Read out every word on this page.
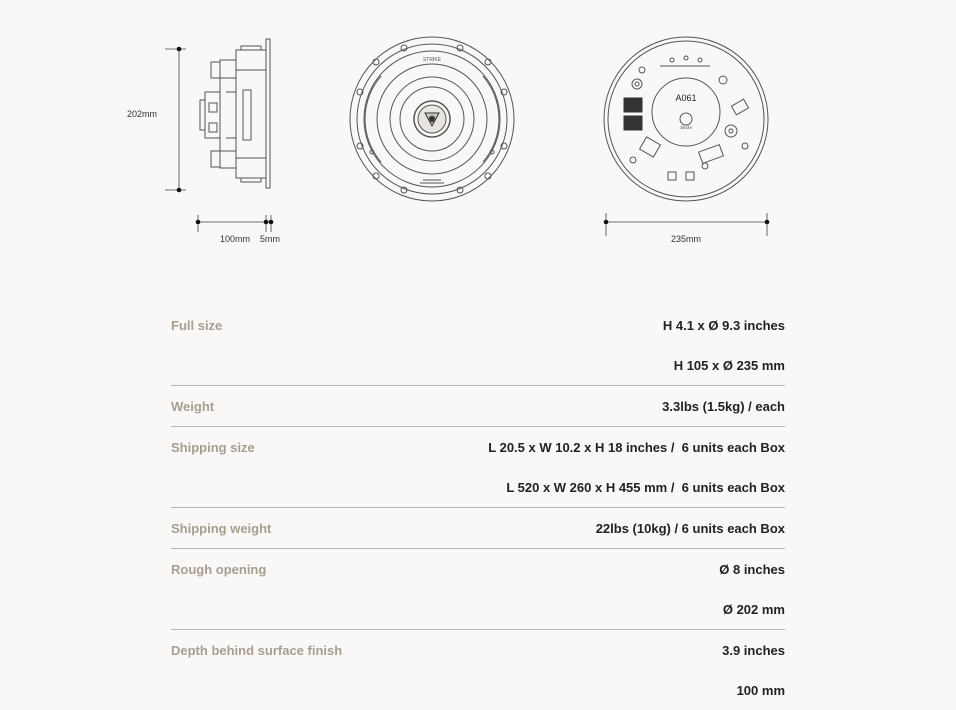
202mm
100mm 5mm
STRIKE
A061
Strike
235mm
Full size	H 4.1 x Ø 9.3 inches
H 105 x Ø 235 mm
Weight	3.3lbs (1.5kg) / each
Shipping size	L 20.5 x W 10.2 x H 18 inches /  6 units each Box
L 520 x W 260 x H 455 mm /  6 units each Box
Shipping weight	22lbs (10kg) / 6 units each Box
Rough opening	Ø 8 inches
Ø 202 mm
Depth behind surface finish	3.9 inches
100 mm
